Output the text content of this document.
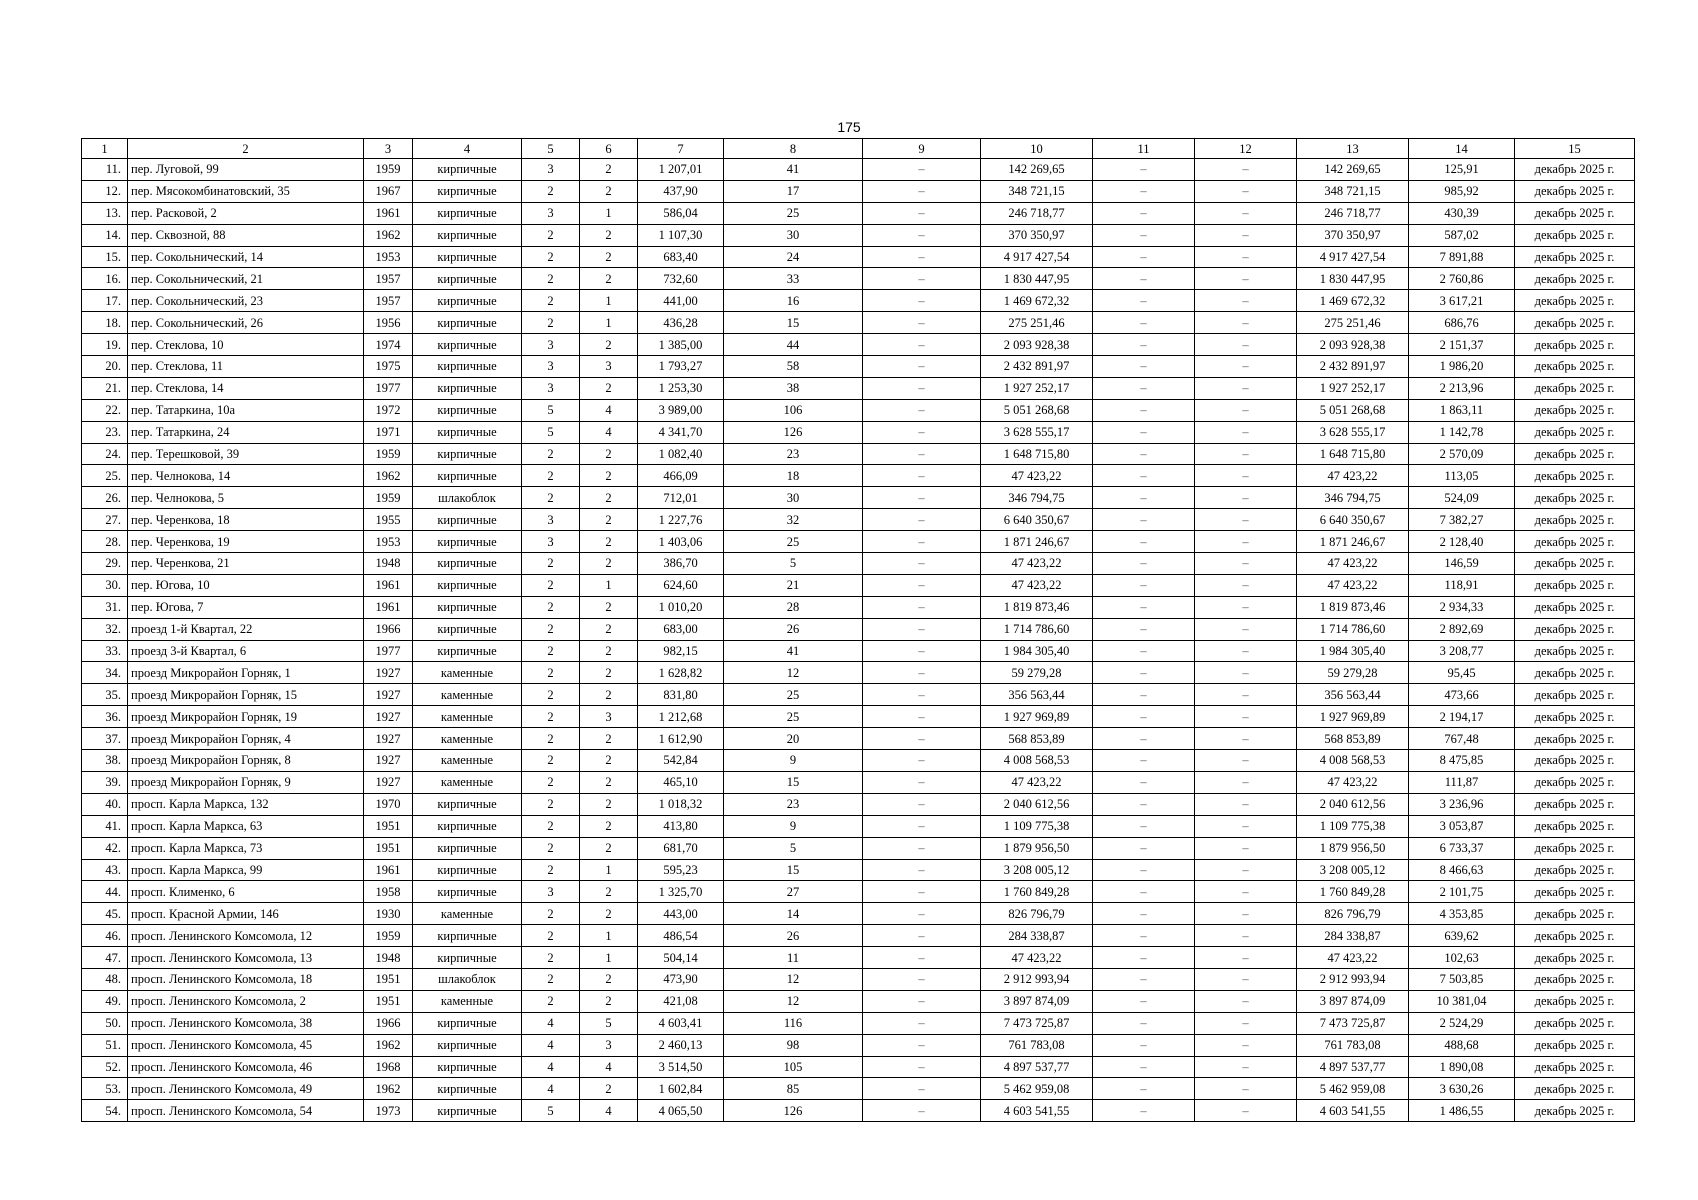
175
1	2	3	4	5	6	7	8	9	10	11	12	13	14	15
11.	пер. Луговой, 99	1959	кирпичные	3	2	1 207,01	41	–	142 269,65	–	–	142 269,65	125,91	декабрь 2025 г.
12.	пер. Мясокомбинатовский, 35	1967	кирпичные	2	2	437,90	17	–	348 721,15	–	–	348 721,15	985,92	декабрь 2025 г.
13.	пер. Расковой, 2	1961	кирпичные	3	1	586,04	25	–	246 718,77	–	–	246 718,77	430,39	декабрь 2025 г.
14.	пер. Сквозной, 88	1962	кирпичные	2	2	1 107,30	30	–	370 350,97	–	–	370 350,97	587,02	декабрь 2025 г.
15.	пер. Сокольнический, 14	1953	кирпичные	2	2	683,40	24	–	4 917 427,54	–	–	4 917 427,54	7 891,88	декабрь 2025 г.
16.	пер. Сокольнический, 21	1957	кирпичные	2	2	732,60	33	–	1 830 447,95	–	–	1 830 447,95	2 760,86	декабрь 2025 г.
17.	пер. Сокольнический, 23	1957	кирпичные	2	1	441,00	16	–	1 469 672,32	–	–	1 469 672,32	3 617,21	декабрь 2025 г.
18.	пер. Сокольнический, 26	1956	кирпичные	2	1	436,28	15	–	275 251,46	–	–	275 251,46	686,76	декабрь 2025 г.
19.	пер. Стеклова, 10	1974	кирпичные	3	2	1 385,00	44	–	2 093 928,38	–	–	2 093 928,38	2 151,37	декабрь 2025 г.
20.	пер. Стеклова, 11	1975	кирпичные	3	3	1 793,27	58	–	2 432 891,97	–	–	2 432 891,97	1 986,20	декабрь 2025 г.
21.	пер. Стеклова, 14	1977	кирпичные	3	2	1 253,30	38	–	1 927 252,17	–	–	1 927 252,17	2 213,96	декабрь 2025 г.
22.	пер. Татаркина, 10а	1972	кирпичные	5	4	3 989,00	106	–	5 051 268,68	–	–	5 051 268,68	1 863,11	декабрь 2025 г.
23.	пер. Татаркина, 24	1971	кирпичные	5	4	4 341,70	126	–	3 628 555,17	–	–	3 628 555,17	1 142,78	декабрь 2025 г.
24.	пер. Терешковой, 39	1959	кирпичные	2	2	1 082,40	23	–	1 648 715,80	–	–	1 648 715,80	2 570,09	декабрь 2025 г.
25.	пер. Челнокова, 14	1962	кирпичные	2	2	466,09	18	–	47 423,22	–	–	47 423,22	113,05	декабрь 2025 г.
26.	пер. Челнокова, 5	1959	шлакоблок	2	2	712,01	30	–	346 794,75	–	–	346 794,75	524,09	декабрь 2025 г.
27.	пер. Черенкова, 18	1955	кирпичные	3	2	1 227,76	32	–	6 640 350,67	–	–	6 640 350,67	7 382,27	декабрь 2025 г.
28.	пер. Черенкова, 19	1953	кирпичные	3	2	1 403,06	25	–	1 871 246,67	–	–	1 871 246,67	2 128,40	декабрь 2025 г.
29.	пер. Черенкова, 21	1948	кирпичные	2	2	386,70	5	–	47 423,22	–	–	47 423,22	146,59	декабрь 2025 г.
30.	пер. Югова, 10	1961	кирпичные	2	1	624,60	21	–	47 423,22	–	–	47 423,22	118,91	декабрь 2025 г.
31.	пер. Югова, 7	1961	кирпичные	2	2	1 010,20	28	–	1 819 873,46	–	–	1 819 873,46	2 934,33	декабрь 2025 г.
32.	проезд 1-й Квартал, 22	1966	кирпичные	2	2	683,00	26	–	1 714 786,60	–	–	1 714 786,60	2 892,69	декабрь 2025 г.
33.	проезд 3-й Квартал, 6	1977	кирпичные	2	2	982,15	41	–	1 984 305,40	–	–	1 984 305,40	3 208,77	декабрь 2025 г.
34.	проезд Микрорайон Горняк, 1	1927	каменные	2	2	1 628,82	12	–	59 279,28	–	–	59 279,28	95,45	декабрь 2025 г.
35.	проезд Микрорайон Горняк, 15	1927	каменные	2	2	831,80	25	–	356 563,44	–	–	356 563,44	473,66	декабрь 2025 г.
36.	проезд Микрорайон Горняк, 19	1927	каменные	2	3	1 212,68	25	–	1 927 969,89	–	–	1 927 969,89	2 194,17	декабрь 2025 г.
37.	проезд Микрорайон Горняк, 4	1927	каменные	2	2	1 612,90	20	–	568 853,89	–	–	568 853,89	767,48	декабрь 2025 г.
38.	проезд Микрорайон Горняк, 8	1927	каменные	2	2	542,84	9	–	4 008 568,53	–	–	4 008 568,53	8 475,85	декабрь 2025 г.
39.	проезд Микрорайон Горняк, 9	1927	каменные	2	2	465,10	15	–	47 423,22	–	–	47 423,22	111,87	декабрь 2025 г.
40.	просп. Карла Маркса, 132	1970	кирпичные	2	2	1 018,32	23	–	2 040 612,56	–	–	2 040 612,56	3 236,96	декабрь 2025 г.
41.	просп. Карла Маркса, 63	1951	кирпичные	2	2	413,80	9	–	1 109 775,38	–	–	1 109 775,38	3 053,87	декабрь 2025 г.
42.	просп. Карла Маркса, 73	1951	кирпичные	2	2	681,70	5	–	1 879 956,50	–	–	1 879 956,50	6 733,37	декабрь 2025 г.
43.	просп. Карла Маркса, 99	1961	кирпичные	2	1	595,23	15	–	3 208 005,12	–	–	3 208 005,12	8 466,63	декабрь 2025 г.
44.	просп. Клименко, 6	1958	кирпичные	3	2	1 325,70	27	–	1 760 849,28	–	–	1 760 849,28	2 101,75	декабрь 2025 г.
45.	просп. Красной Армии, 146	1930	каменные	2	2	443,00	14	–	826 796,79	–	–	826 796,79	4 353,85	декабрь 2025 г.
46.	просп. Ленинского Комсомола, 12	1959	кирпичные	2	1	486,54	26	–	284 338,87	–	–	284 338,87	639,62	декабрь 2025 г.
47.	просп. Ленинского Комсомола, 13	1948	кирпичные	2	1	504,14	11	–	47 423,22	–	–	47 423,22	102,63	декабрь 2025 г.
48.	просп. Ленинского Комсомола, 18	1951	шлакоблок	2	2	473,90	12	–	2 912 993,94	–	–	2 912 993,94	7 503,85	декабрь 2025 г.
49.	просп. Ленинского Комсомола, 2	1951	каменные	2	2	421,08	12	–	3 897 874,09	–	–	3 897 874,09	10 381,04	декабрь 2025 г.
50.	просп. Ленинского Комсомола, 38	1966	кирпичные	4	5	4 603,41	116	–	7 473 725,87	–	–	7 473 725,87	2 524,29	декабрь 2025 г.
51.	просп. Ленинского Комсомола, 45	1962	кирпичные	4	3	2 460,13	98	–	761 783,08	–	–	761 783,08	488,68	декабрь 2025 г.
52.	просп. Ленинского Комсомола, 46	1968	кирпичные	4	4	3 514,50	105	–	4 897 537,77	–	–	4 897 537,77	1 890,08	декабрь 2025 г.
53.	просп. Ленинского Комсомола, 49	1962	кирпичные	4	2	1 602,84	85	–	5 462 959,08	–	–	5 462 959,08	3 630,26	декабрь 2025 г.
54.	просп. Ленинского Комсомола, 54	1973	кирпичные	5	4	4 065,50	126	–	4 603 541,55	–	–	4 603 541,55	1 486,55	декабрь 2025 г.
